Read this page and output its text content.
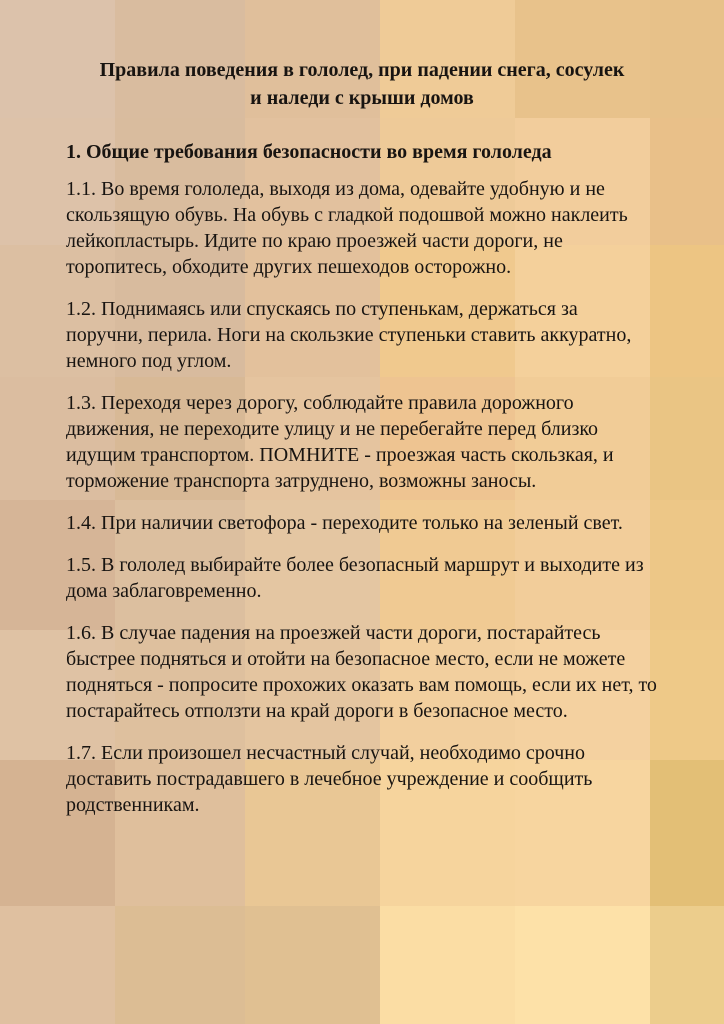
Правила поведения в гололед, при падении снега, сосулек
и наледи с крыши домов
1. Общие требования безопасности во время гололеда

1.1. Во время гололеда, выходя из дома, одевайте удобную и не скользящую обувь. На обувь с гладкой подошвой можно наклеить лейкопластырь. Идите по краю проезжей части дороги, не торопитесь, обходите других пешеходов осторожно.

1.2. Поднимаясь или спускаясь по ступенькам, держаться за поручни, перила. Ноги на скользкие ступеньки ставить аккуратно, немного под углом.

1.3. Переходя через дорогу, соблюдайте правила дорожного движения, не переходите улицу и не перебегайте перед близко идущим транспортом. ПОМНИТЕ - проезжая часть скользкая, и торможение транспорта затруднено, возможны заносы.

1.4. При наличии светофора - переходите только на зеленый свет.

1.5. В гололед выбирайте более безопасный маршрут и выходите из дома заблаговременно.

1.6. В случае падения на проезжей части дороги, постарайтесь быстрее подняться и отойти на безопасное место, если не можете подняться - попросите прохожих оказать вам помощь, если их нет, то постарайтесь отползти на край дороги в безопасное место.

1.7. Если произошел несчастный случай, необходимо срочно доставить пострадавшего в лечебное учреждение и сообщить родственникам.
